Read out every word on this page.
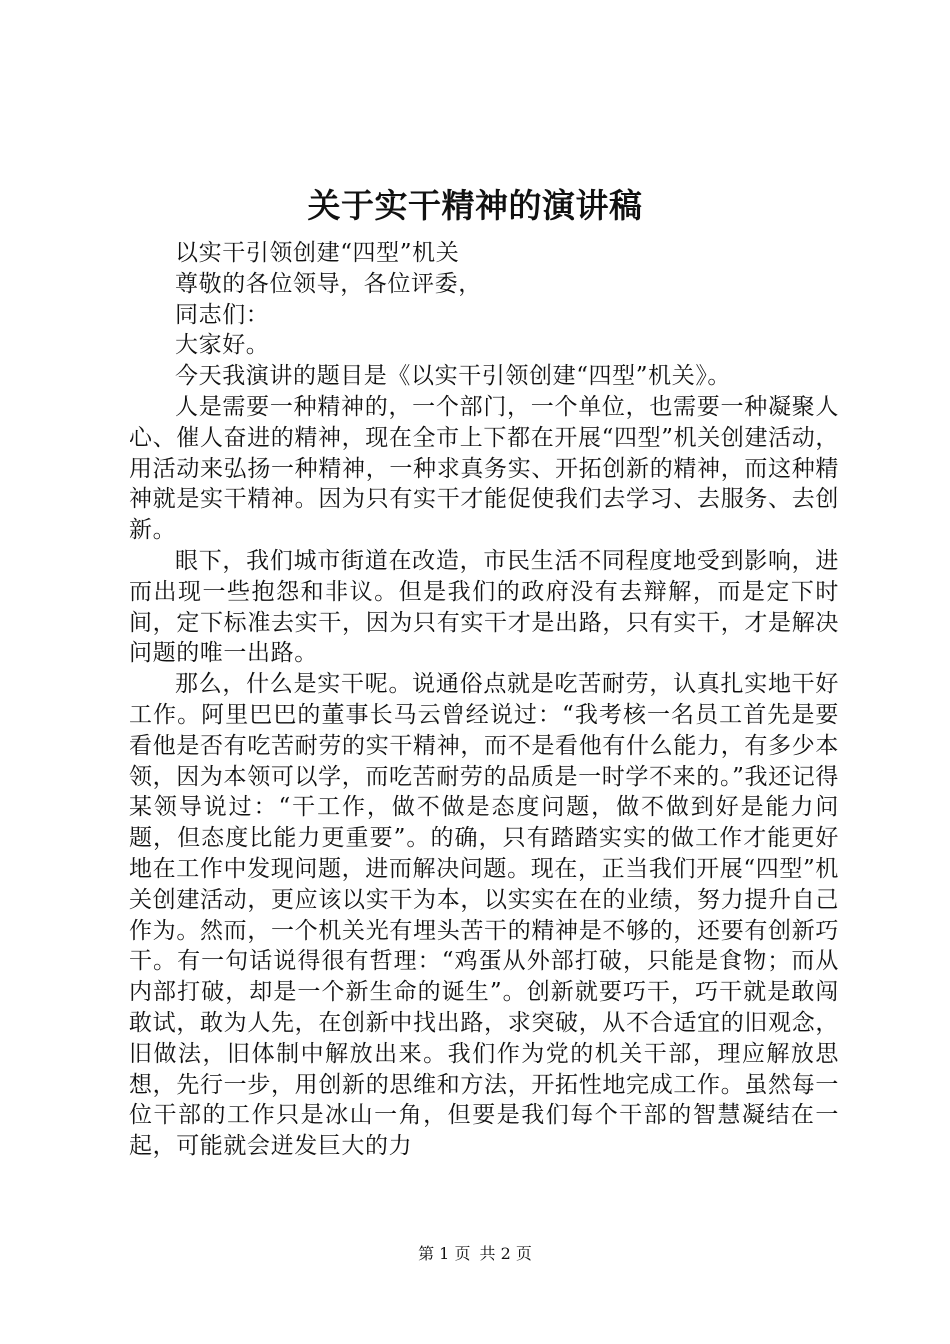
关于实干精神的演讲稿

以实干引领创建“四型”机关

尊敬的各位领导，各位评委，

同志们：

大家好。

今天我演讲的题目是《以实干引领创建“四型”机关》。

人是需要一种精神的，一个部门，一个单位，也需要一种凝聚人心、催人奋进的精神，现在全市上下都在开展“四型”机关创建活动，用活动来弘扬一种精神，一种求真务实、开拓创新的精神，而这种精神就是实干精神。因为只有实干才能促使我们去学习、去服务、去创新。

眼下，我们城市街道在改造，市民生活不同程度地受到影响，进而出现一些抱怨和非议。但是我们的政府没有去辩解，而是定下时间，定下标准去实干，因为只有实干才是出路，只有实干，才是解决问题的唯一出路。

那么，什么是实干呢。说通俗点就是吃苦耐劳，认真扎实地干好工作。阿里巴巴的董事长马云曾经说过：“我考核一名员工首先是要看他是否有吃苦耐劳的实干精神，而不是看他有什么能力，有多少本领，因为本领可以学，而吃苦耐劳的品质是一时学不来的。”我还记得某领导说过：“干工作，做不做是态度问题，做不做到好是能力问题，但态度比能力更重要”。的确，只有踏踏实实的做工作才能更好地在工作中发现问题，进而解决问题。现在，正当我们开展“四型”机关创建活动，更应该以实干为本，以实实在在的业绩，努力提升自己作为。然而，一个机关光有埋头苦干的精神是不够的，还要有创新巧干。有一句话说得很有哲理：“鸡蛋从外部打破，只能是食物；而从内部打破，却是一个新生命的诞生”。创新就要巧干，巧干就是敢闯敢试，敢为人先，在创新中找出路，求突破，从不合适宜的旧观念，旧做法，旧体制中解放出来。我们作为党的机关干部，理应解放思想，先行一步，用创新的思维和方法，开拓性地完成工作。虽然每一位干部的工作只是冰山一角，但要是我们每个干部的智慧凝结在一起，可能就会迸发巨大的力

第 1 页 共 2 页
